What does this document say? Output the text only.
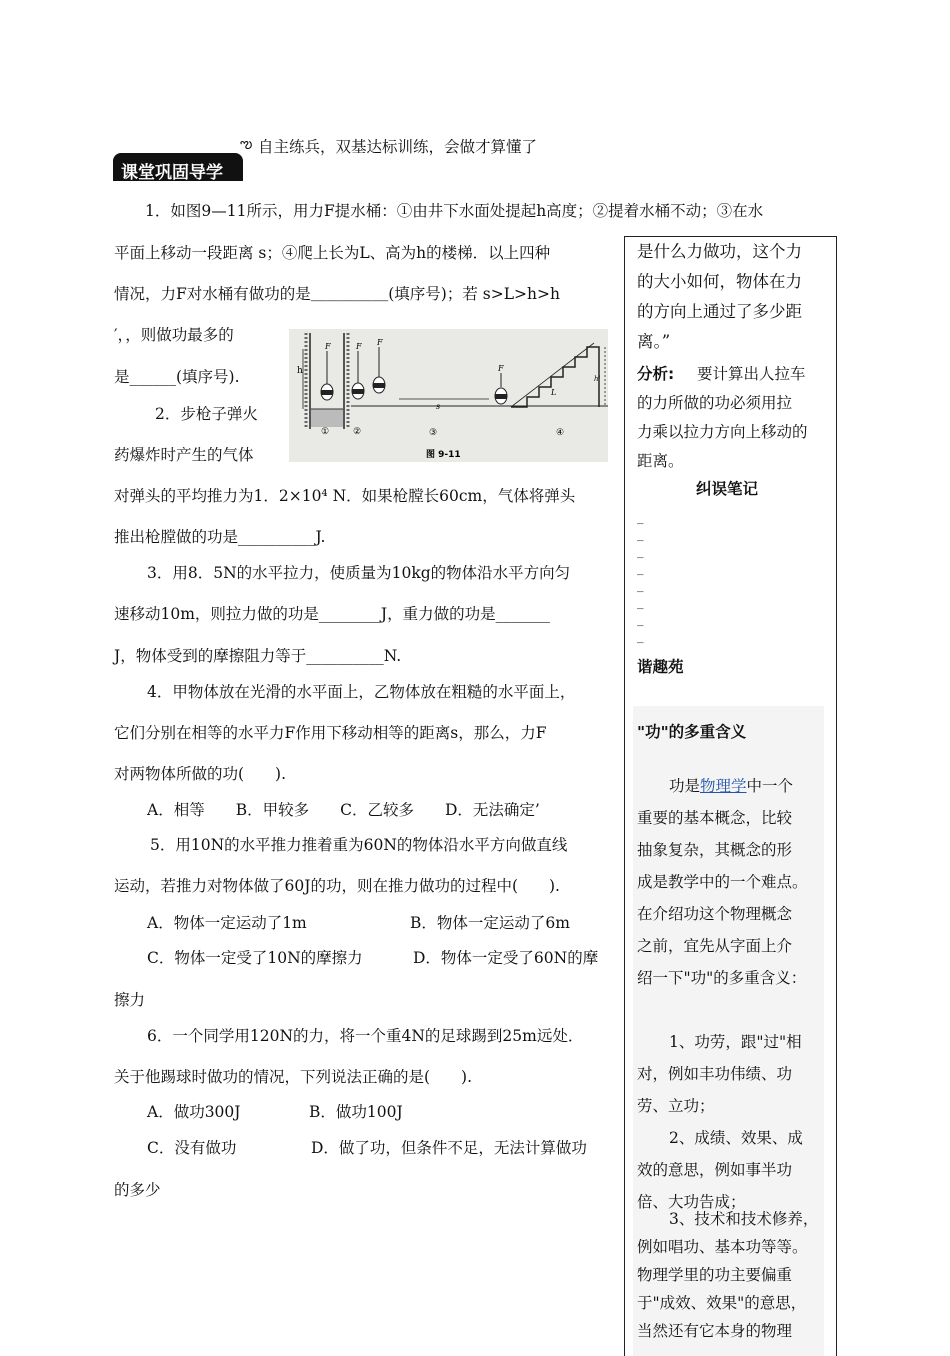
课堂巩固导学
ఌ 自主练兵，双基达标训练，会做才算懂了
1．如图9—11所示，用力F提水桶：①由井下水面处提起h高度；②提着水桶不动；③在水
平面上移动一段距离 s；④爬上长为L、高为h的楼梯．以上四种
情况，力F对水桶有做功的是＿＿＿＿＿(填序号)；若 s>L>h>h
′，，则做功最多的
是______(填序号).	h
F	F F
s
F
L
h'
①	②	③	④
图 9-11
2．步枪子弹火
药爆炸时产生的气体
对弹头的平均推力为1．2×10⁴ N．如果枪膛长60cm，气体将弹头
推出枪膛做的功是__________J.
3．用8．5N的水平拉力，使质量为10kg的物体沿水平方向匀
速移动10m，则拉力做的功是________J，重力做的功是_______
J，物体受到的摩擦阻力等于__________N.
4．甲物体放在光滑的水平面上，乙物体放在粗糙的水平面上，
它们分别在相等的水平力F作用下移动相等的距离s，那么，力F
对两物体所做的功(　　).
A．相等　　B．甲较多　　C．乙较多　　D．无法确定’
5．用10N的水平推力推着重为60N的物体沿水平方向做直线
运动，若推力对物体做了60J的功，则在推力做功的过程中(　　).
A．物体一定运动了1m	B．物体一定运动了6m
C．物体一定受了10N的摩擦力	D．物体一定受了60N的摩
擦力
6．一个同学用120N的力，将一个重4N的足球踢到25m远处．
关于他踢球时做功的情况，下列说法正确的是(　　).
A．做功300J	B．做功100J
C．没有做功	D．做了功，但条件不足，无法计算做功
的多少
是什么力做功，这个力
的大小如何，物体在力
的方向上通过了多少距
离。”
分析: 要计算出人拉车
的力所做的功必须用拉
力乘以拉力方向上移动的
距离。
纠误笔记
_
_
_
_
_
_
_
_
谐趣苑
"功"的多重含义
功是物理学中一个
重要的基本概念，比较
抽象复杂，其概念的形
成是教学中的一个难点。
在介绍功这个物理概念
之前，宜先从字面上介
绍一下"功"的多重含义：
1、功劳，跟"过"相
对，例如丰功伟绩、功
劳、立功；
2、成绩、效果、成
效的意思，例如事半功
倍、大功告成；
3、技术和技术修养，
例如唱功、基本功等等。
物理学里的功主要偏重
于"成效、效果"的意思，
当然还有它本身的物理
